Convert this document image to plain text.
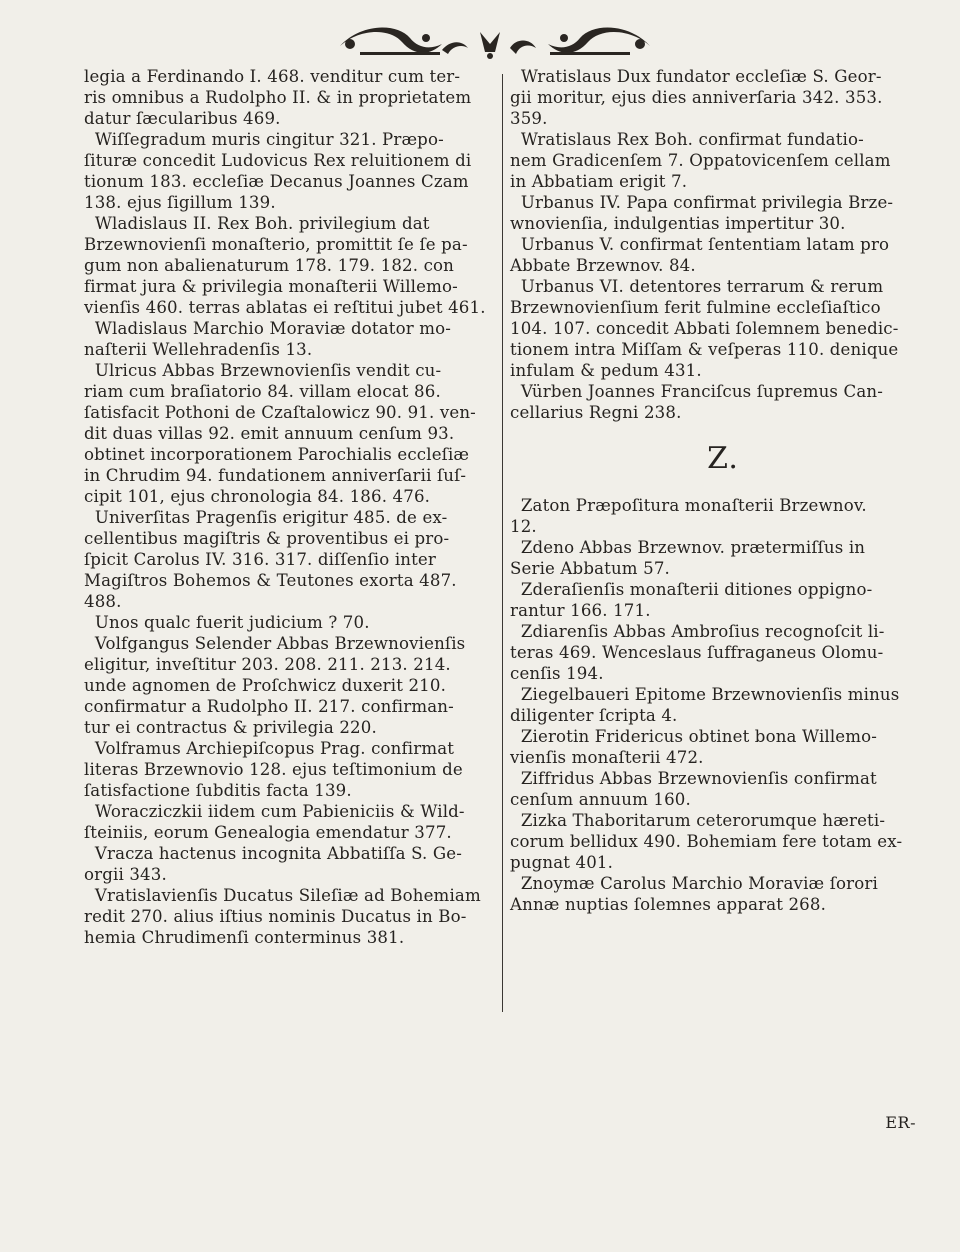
legia a Ferdinando I. 468. venditur cum ter-
ris omnibus a Rudolpho II. & in proprietatem
datur ſæcularibus 469.
Wiſſegradum muris cingitur 321. Præpo-
ſituræ concedit Ludovicus Rex reluitionem di
tionum 183. eccleſiæ Decanus Joannes Czam
138. ejus ſigillum 139.
Wladislaus II. Rex Boh. privilegium dat
Brzewnovienſi monaſterio, promittit ſe ſe pa-
gum non abalienaturum 178. 179. 182. con
firmat jura & privilegia monaſterii Willemo-
vienſis 460. terras ablatas ei reſtitui jubet 461.
Wladislaus Marchio Moraviæ dotator mo-
naſterii Wellehradenſis 13.
Ulricus Abbas Brzewnovienſis vendit cu-
riam cum braſiatorio 84. villam elocat 86.
ſatisfacit Pothoni de Czaſtalowicz 90. 91. ven-
dit duas villas 92. emit annuum cenſum 93.
obtinet incorporationem Parochialis eccleſiæ
in Chrudim 94. fundationem anniverſarii ſuſ-
cipit 101, ejus chronologia 84. 186. 476.
Univerſitas Pragenſis erigitur 485. de ex-
cellentibus magiſtris & proventibus ei pro-
ſpicit Carolus IV. 316. 317. diſſenſio inter
Magiſtros Bohemos & Teutones exorta 487.
488.
Unos qualc fuerit judicium ? 70.
Volfgangus Selender Abbas Brzewnovienſis
eligitur, inveſtitur 203. 208. 211. 213. 214.
unde agnomen de Proſchwicz duxerit 210.
confirmatur a Rudolpho II. 217. confirman-
tur ei contractus & privilegia 220.
Volframus Archiepiſcopus Prag. confirmat
literas Brzewnovio 128. ejus teſtimonium de
ſatisfactione ſubditis facta 139.
Woracziczkii iidem cum Pabieniciis & Wild-
ſteiniis, eorum Genealogia emendatur 377.
Vracza hactenus incognita Abbatiſſa S. Ge-
orgii 343.
Vratislavienſis Ducatus Sileſiæ ad Bohemiam
redit 270. alius iſtius nominis Ducatus in Bo-
hemia Chrudimenſi conterminus 381.
Wratislaus Dux fundator eccleſiæ S. Geor-
gii moritur, ejus dies anniverſaria 342. 353.
359.
Wratislaus Rex Boh. confirmat fundatio-
nem Gradicenſem 7. Oppatovicenſem cellam
in Abbatiam erigit 7.
Urbanus IV. Papa confirmat privilegia Brze-
wnovienſia, indulgentias impertitur 30.
Urbanus V. confirmat ſententiam latam pro
Abbate Brzewnov. 84.
Urbanus VI. detentores terrarum & rerum
Brzewnovienſium ferit fulmine eccleſiaſtico
104. 107. concedit Abbati ſolemnem benedic-
tionem intra Miſſam & veſperas 110. denique
infulam & pedum 431.
Vürben Joannes Franciſcus ſupremus Can-
cellarius Regni 238.
Z.
Zaton Præpoſitura monaſterii Brzewnov.
12.
Zdeno Abbas Brzewnov. prætermiſſus in
Serie Abbatum 57.
Zderaſienſis monaſterii ditiones oppigno-
rantur 166. 171.
Zdiarenſis Abbas Ambroſius recognoſcit li-
teras 469. Wenceslaus ſuffraganeus Olomu-
cenſis 194.
Ziegelbaueri Epitome Brzewnovienſis minus
diligenter ſcripta 4.
Zierotin Fridericus obtinet bona Willemo-
vienſis monaſterii 472.
Ziffridus Abbas Brzewnovienſis confirmat
cenſum annuum 160.
Zizka Thaboritarum ceterorumque hæreti-
corum bellidux 490. Bohemiam fere totam ex-
pugnat 401.
Znoymæ Carolus Marchio Moraviæ ſorori
Annæ nuptias ſolemnes apparat 268.
ER-
